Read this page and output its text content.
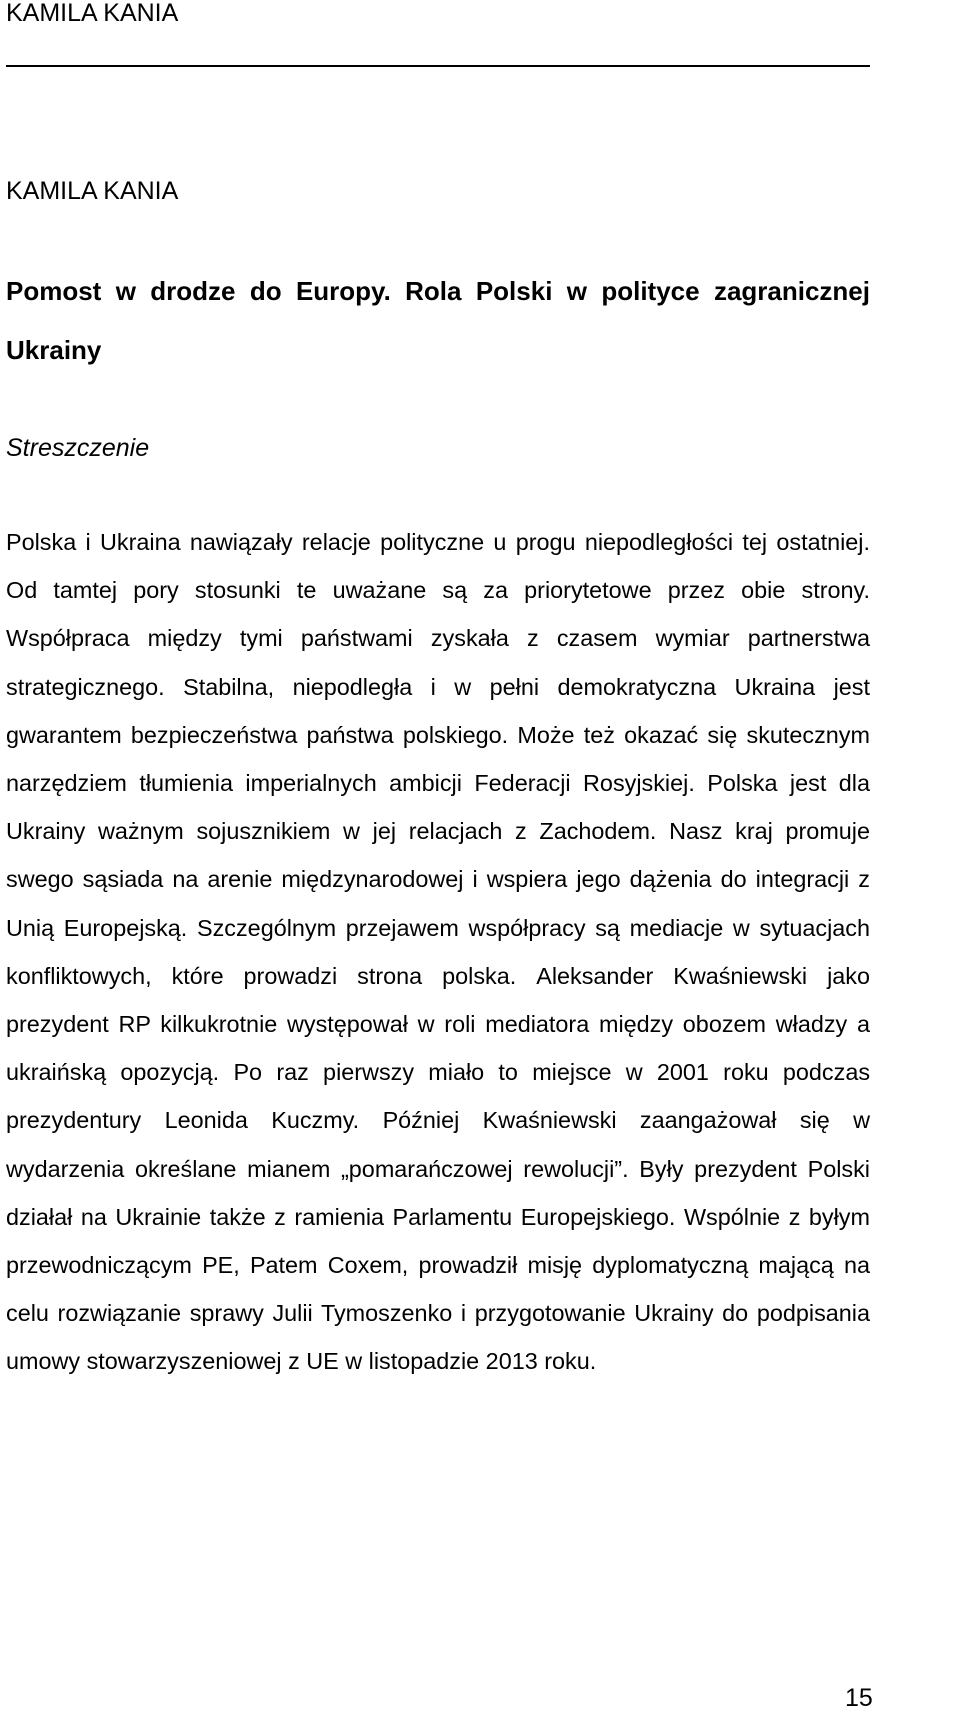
KAMILA KANIA
KAMILA KANIA
Pomost w drodze do Europy. Rola Polski w polityce zagranicznej Ukrainy
Streszczenie

Polska i Ukraina nawiązały relacje polityczne u progu niepodległości tej ostatniej. Od tamtej pory stosunki te uważane są za priorytetowe przez obie strony. Współpraca między tymi państwami zyskała z czasem wymiar partnerstwa strategicznego. Stabilna, niepodległa i w pełni demokratyczna Ukraina jest gwarantem bezpieczeństwa państwa polskiego. Może też okazać się skutecznym narzędziem tłumienia imperialnych ambicji Federacji Rosyjskiej. Polska jest dla Ukrainy ważnym sojusznikiem w jej relacjach z Zachodem. Nasz kraj promuje swego sąsiada na arenie międzynarodowej i wspiera jego dążenia do integracji z Unią Europejską. Szczególnym przejawem współpracy są mediacje w sytuacjach konfliktowych, które prowadzi strona polska. Aleksander Kwaśniewski jako prezydent RP kilkukrotnie występował w roli mediatora między obozem władzy a ukraińską opozycją. Po raz pierwszy miało to miejsce w 2001 roku podczas prezydentury Leonida Kuczmy. Później Kwaśniewski zaangażował się w wydarzenia określane mianem „pomarańczowej rewolucji”. Były prezydent Polski działał na Ukrainie także z ramienia Parlamentu Europejskiego. Wspólnie z byłym przewodniczącym PE, Patem Coxem, prowadził misję dyplomatyczną mającą na celu rozwiązanie sprawy Julii Tymoszenko i przygotowanie Ukrainy do podpisania umowy stowarzyszeniowej z UE w listopadzie 2013 roku.

15
